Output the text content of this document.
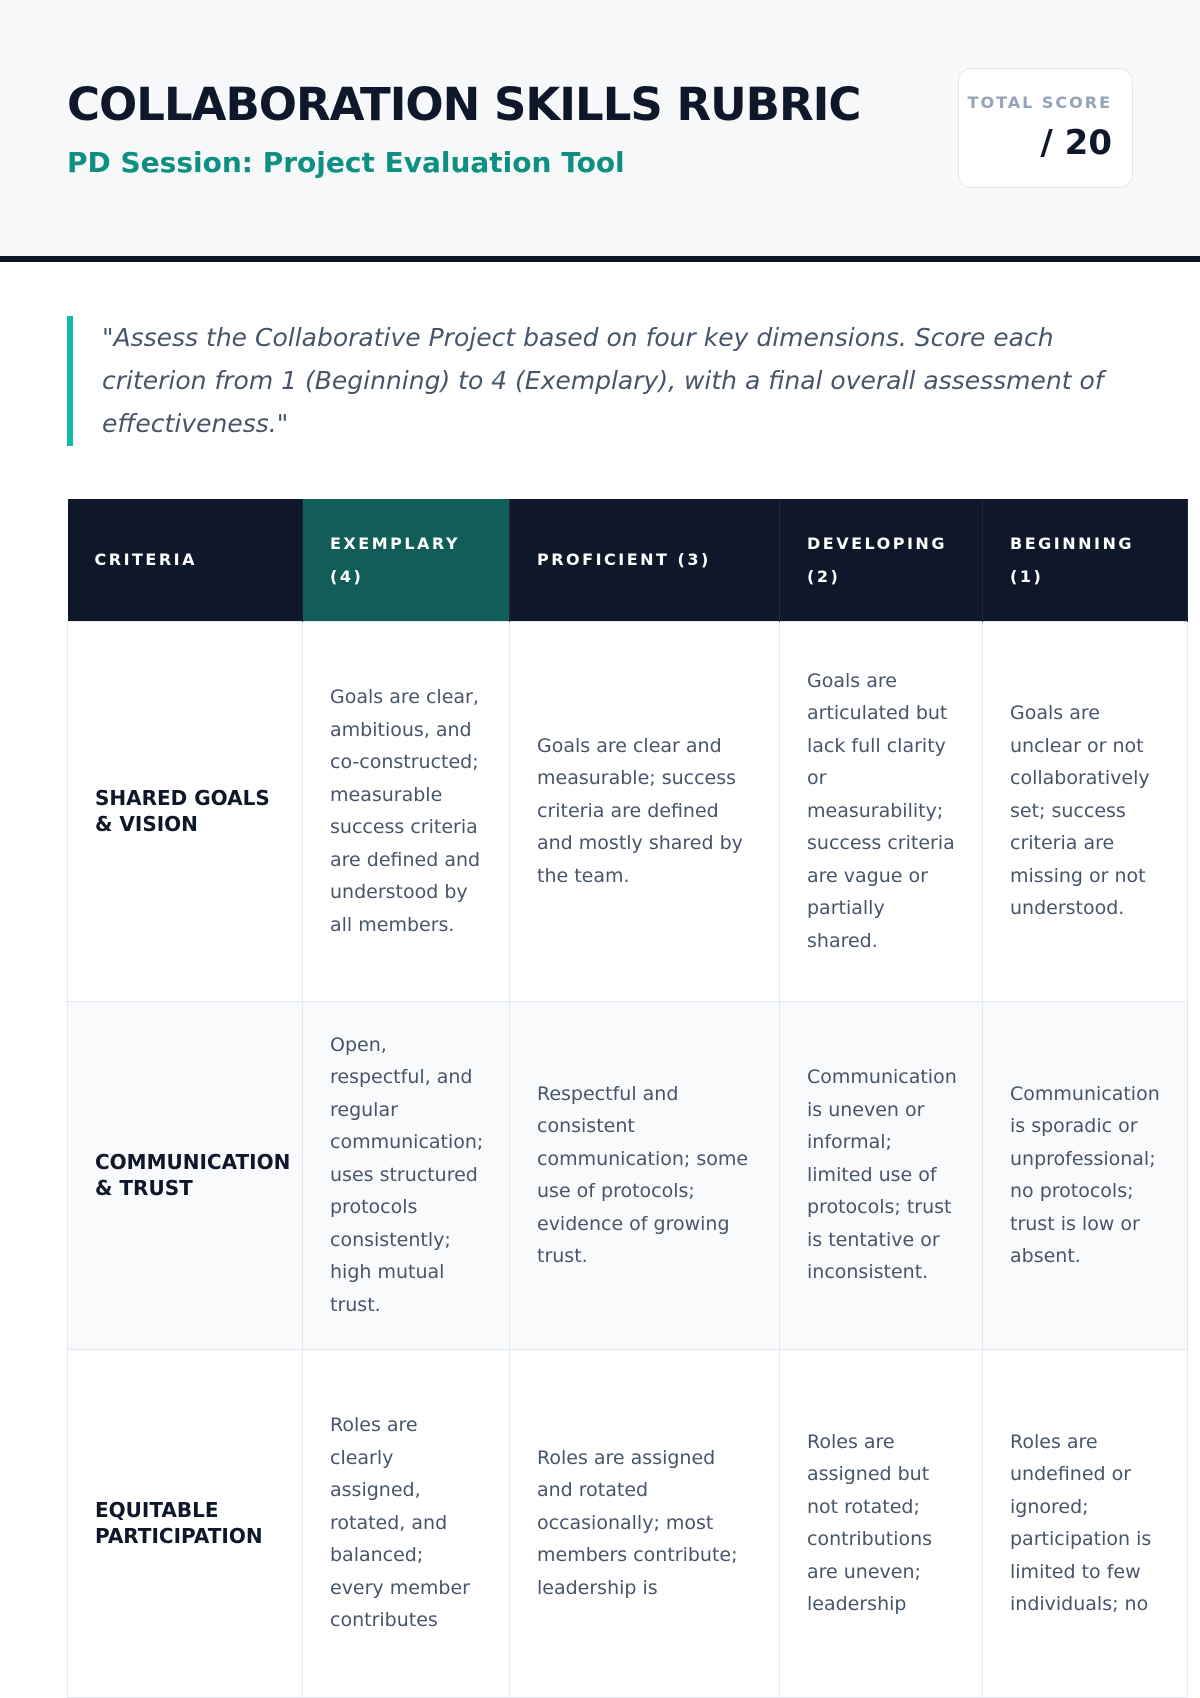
COLLABORATION SKILLS RUBRIC
PD Session: Project Evaluation Tool
TOTAL SCORE
/ 20
"Assess the Collaborative Project based on four key dimensions. Score each criterion from 1 (Beginning) to 4 (Exemplary), with a final overall assessment of effectiveness."
CRITERIA	EXEMPLARY (4)	PROFICIENT (3)	DEVELOPING (2)	BEGINNING (1)
SHARED GOALS & VISION	Goals are clear, ambitious, and co-constructed; measurable success criteria are defined and understood by all members.	Goals are clear and measurable; success criteria are defined and mostly shared by the team.	Goals are articulated but lack full clarity or measurability; success criteria are vague or partially shared.	Goals are unclear or not collaboratively set; success criteria are missing or not understood.
COMMUNICATION & TRUST	Open, respectful, and regular communication; uses structured protocols consistently; high mutual trust.	Respectful and consistent communication; some use of protocols; evidence of growing trust.	Communication is uneven or informal; limited use of protocols; trust is tentative or inconsistent.	Communication is sporadic or unprofessional; no protocols; trust is low or absent.
EQUITABLE PARTICIPATION	Roles are clearly assigned, rotated, and balanced; every member contributes	Roles are assigned and rotated occasionally; most members contribute; leadership is	Roles are assigned but not rotated; contributions are uneven; leadership	Roles are undefined or ignored; participation is limited to few individuals; no
